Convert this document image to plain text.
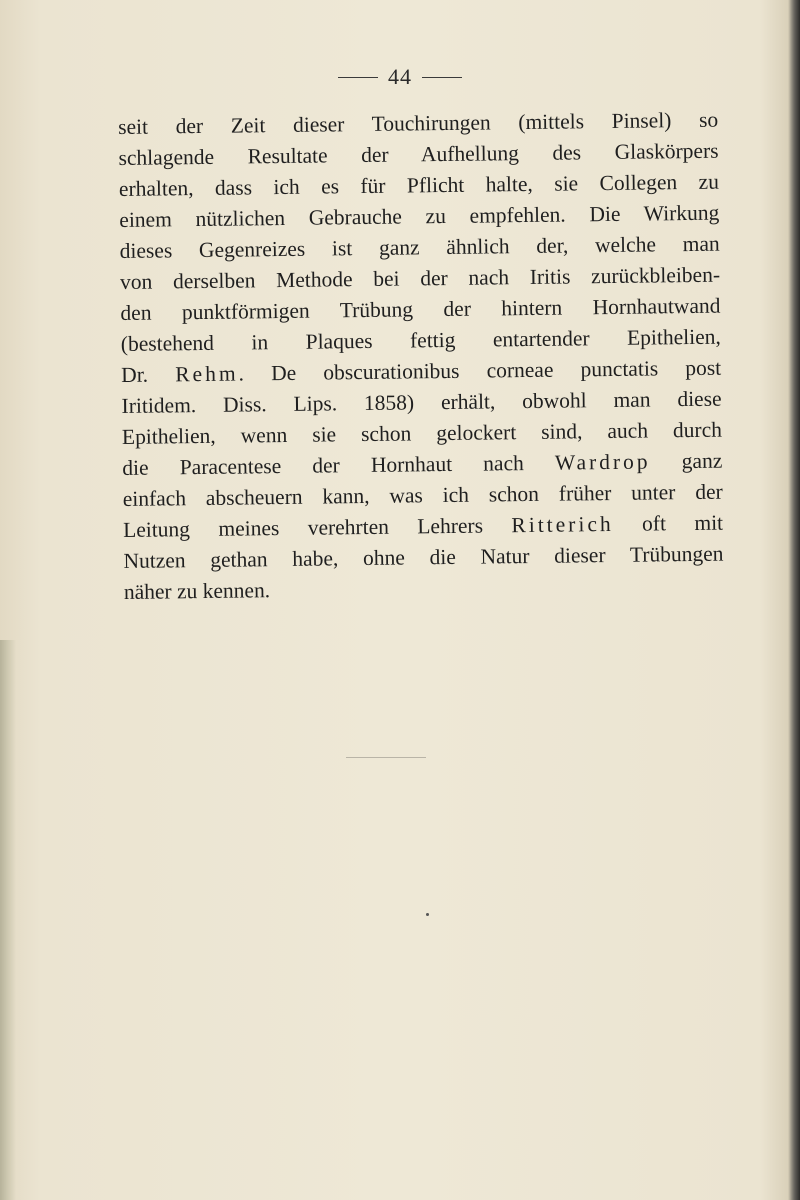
44
seit der Zeit dieser Touchirungen (mittels Pinsel) so
schlagende Resultate der Aufhellung des Glaskörpers
erhalten, dass ich es für Pflicht halte, sie Collegen zu
einem nützlichen Gebrauche zu empfehlen. Die Wirkung
dieses Gegenreizes ist ganz ähnlich der, welche man
von derselben Methode bei der nach Iritis zurückbleiben-
den punktförmigen Trübung der hintern Hornhautwand
(bestehend in Plaques fettig entartender Epithelien,
Dr. Rehm. De obscurationibus corneae punctatis post
Iritidem. Diss. Lips. 1858) erhält, obwohl man diese
Epithelien, wenn sie schon gelockert sind, auch durch
die Paracentese der Hornhaut nach Wardrop ganz
einfach abscheuern kann, was ich schon früher unter der
Leitung meines verehrten Lehrers Ritterich oft mit
Nutzen gethan habe, ohne die Natur dieser Trübungen
näher zu kennen.
